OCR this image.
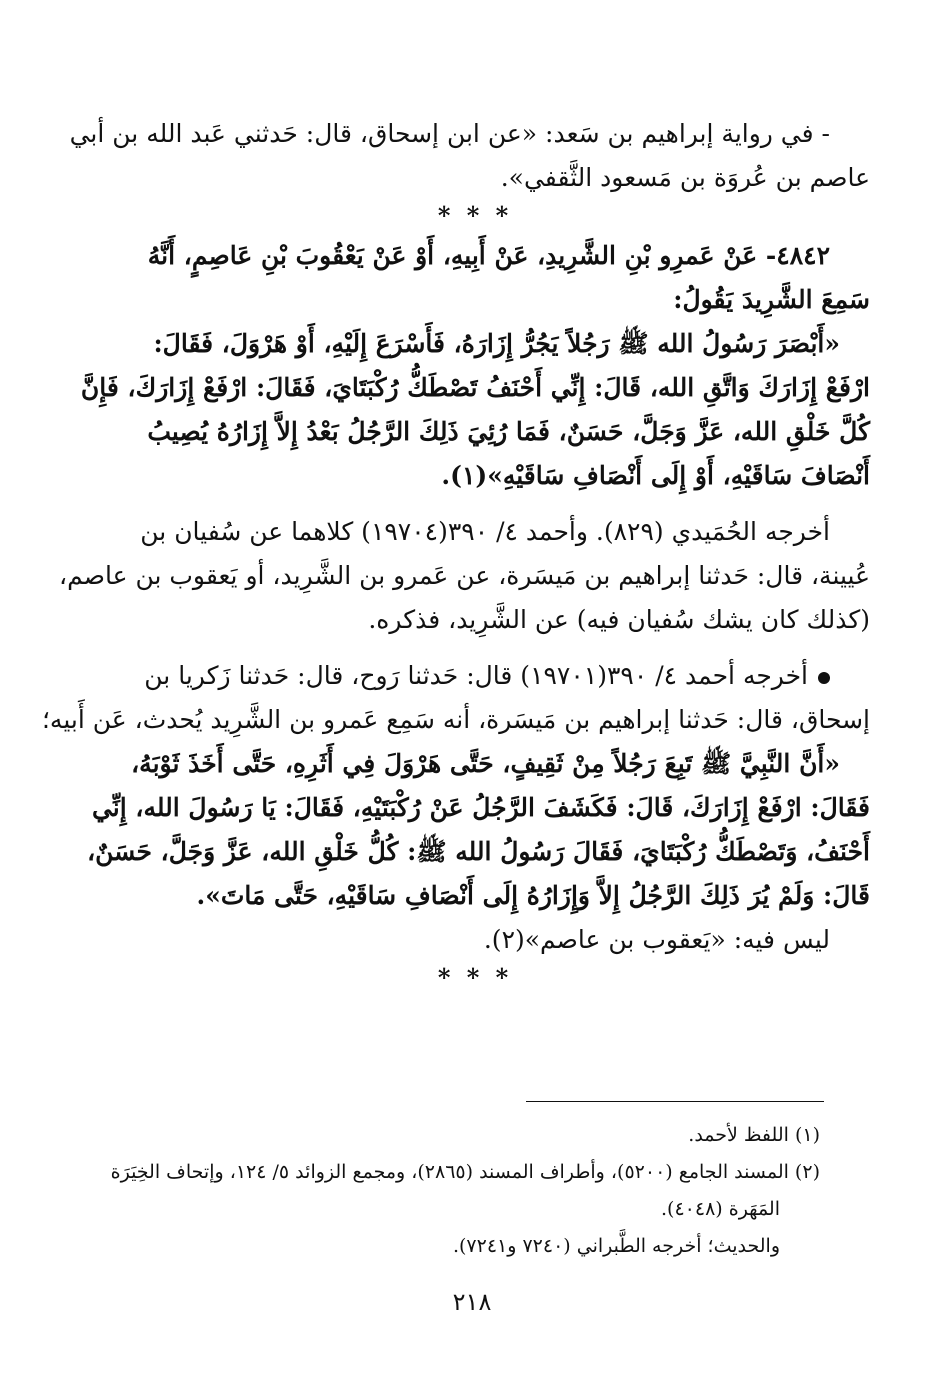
- في رواية إبراهيم بن سَعد: «عن ابن إسحاق، قال: حَدثني عَبد الله بن أبي
عاصم بن عُروَة بن مَسعود الثَّقفي».
* * *
٤٨٤٢- عَنْ عَمرِو بْنِ الشَّرِيدِ، عَنْ أَبِيهِ، أَوْ عَنْ يَعْقُوبَ بْنِ عَاصِمٍ، أَنَّهُ
سَمِعَ الشَّرِيدَ يَقُولُ:
«أَبْصَرَ رَسُولُ الله ﷺ رَجُلاً يَجُرُّ إِزَارَهُ، فَأَسْرَعَ إِلَيْهِ، أَوْ هَرْوَلَ، فَقَالَ:
ارْفَعْ إِزَارَكَ وَاتَّقِ الله، قَالَ: إِنِّي أَحْنَفُ تَصْطَكُّ رُكْبَتَايَ، فَقَالَ: ارْفَعْ إِزَارَكَ، فَإِنَّ
كُلَّ خَلْقِ الله، عَزَّ وَجَلَّ، حَسَنٌ، فَمَا رُئِيَ ذَلِكَ الرَّجُلُ بَعْدُ إِلاَّ إِزَارُهُ يُصِيبُ
أَنْصَافَ سَاقَيْهِ، أَوْ إِلَى أَنْصَافِ سَاقَيْهِ»(١).
أخرجه الحُمَيدي (٨٢٩). وأحمد ٤/ ٣٩٠(١٩٧٠٤) كلاهما عن سُفيان بن
عُيينة، قال: حَدثنا إبراهيم بن مَيسَرة، عن عَمرو بن الشَّرِيد، أو يَعقوب بن عاصم،
(كذلك كان يشك سُفيان فيه) عن الشَّرِيد، فذكره.
أخرجه أحمد ٤/ ٣٩٠(١٩٧٠١) قال: حَدثنا رَوح، قال: حَدثنا زَكريا بن
إسحاق، قال: حَدثنا إبراهيم بن مَيسَرة، أنه سَمِع عَمرو بن الشَّرِيد يُحدث، عَن أَبيه؛
«أَنَّ النَّبِيَّ ﷺ تَبِعَ رَجُلاً مِنْ ثَقِيفٍ، حَتَّى هَرْوَلَ فِي أَثَرِهِ، حَتَّى أَخَذَ ثَوْبَهُ،
فَقَالَ: ارْفَعْ إِزَارَكَ، قَالَ: فَكَشَفَ الرَّجُلُ عَنْ رُكْبَتَيْهِ، فَقَالَ: يَا رَسُولَ الله، إِنِّي
أَحْنَفُ، وَتَصْطَكُّ رُكْبَتَايَ، فَقَالَ رَسُولُ الله ﷺ: كُلُّ خَلْقِ الله، عَزَّ وَجَلَّ، حَسَنٌ،
قَالَ: وَلَمْ يُرَ ذَلِكَ الرَّجُلُ إِلاَّ وَإِزَارُهُ إِلَى أَنْصَافِ سَاقَيْهِ، حَتَّى مَاتَ».
ليس فيه: «يَعقوب بن عاصم»(٢).
* * *
(١) اللفظ لأحمد.
(٢) المسند الجامع (٥٢٠٠)، وأطراف المسند (٢٨٦٥)، ومجمع الزوائد ٥/ ١٢٤، وإتحاف الخِيَرَة
المَهَرة (٤٠٤٨).
والحديث؛ أخرجه الطَّبراني (٧٢٤٠ و٧٢٤١).
٢١٨
